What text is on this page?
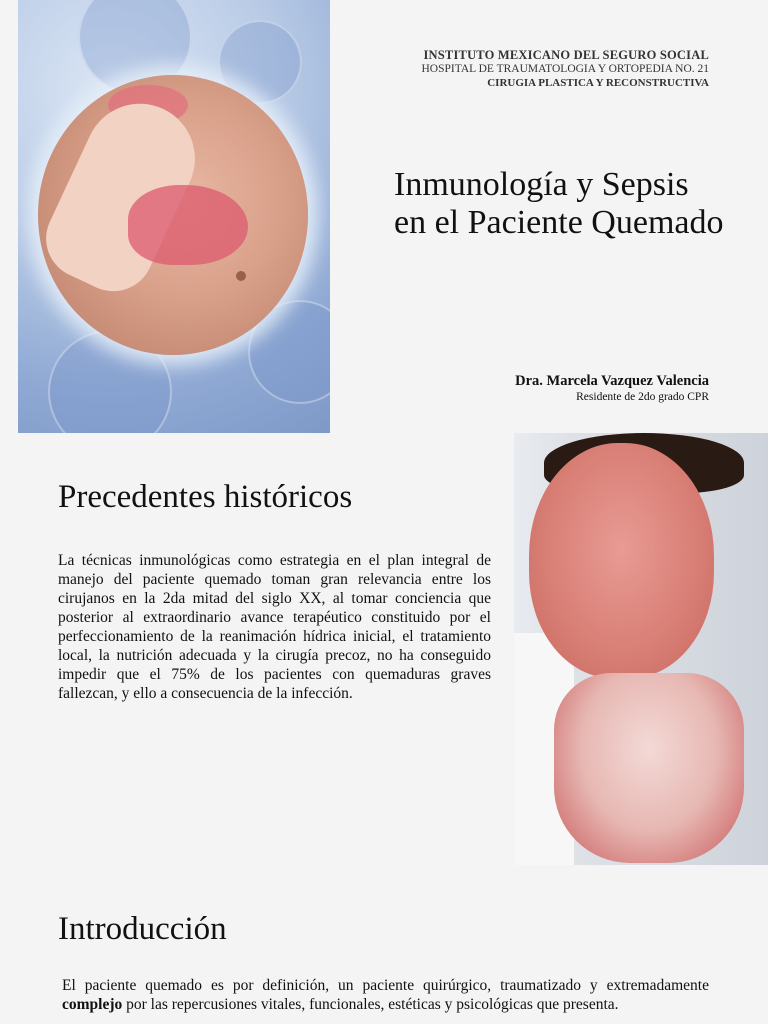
INSTITUTO MEXICANO DEL SEGURO SOCIAL
HOSPITAL DE TRAUMATOLOGIA Y ORTOPEDIA NO. 21
CIRUGIA PLASTICA Y RECONSTRUCTIVA
Inmunología y Sepsis en el Paciente Quemado
Dra. Marcela Vazquez Valencia
Residente de 2do grado CPR
Precedentes históricos

La técnicas inmunológicas como estrategia en el plan integral de manejo del paciente quemado toman gran relevancia entre los cirujanos en la 2da mitad del siglo XX, al tomar conciencia que posterior al extraordinario avance terapéutico constituido por el perfeccionamiento de la reanimación hídrica inicial, el tratamiento local, la nutrición adecuada y la cirugía precoz, no ha conseguido impedir que el 75% de los pacientes con quemaduras graves fallezcan, y ello a consecuencia de la infección.

Introducción

El paciente quemado es por definición, un paciente quirúrgico, traumatizado y extremadamente complejo por las repercusiones vitales, funcionales, estéticas y psicológicas que presenta.
